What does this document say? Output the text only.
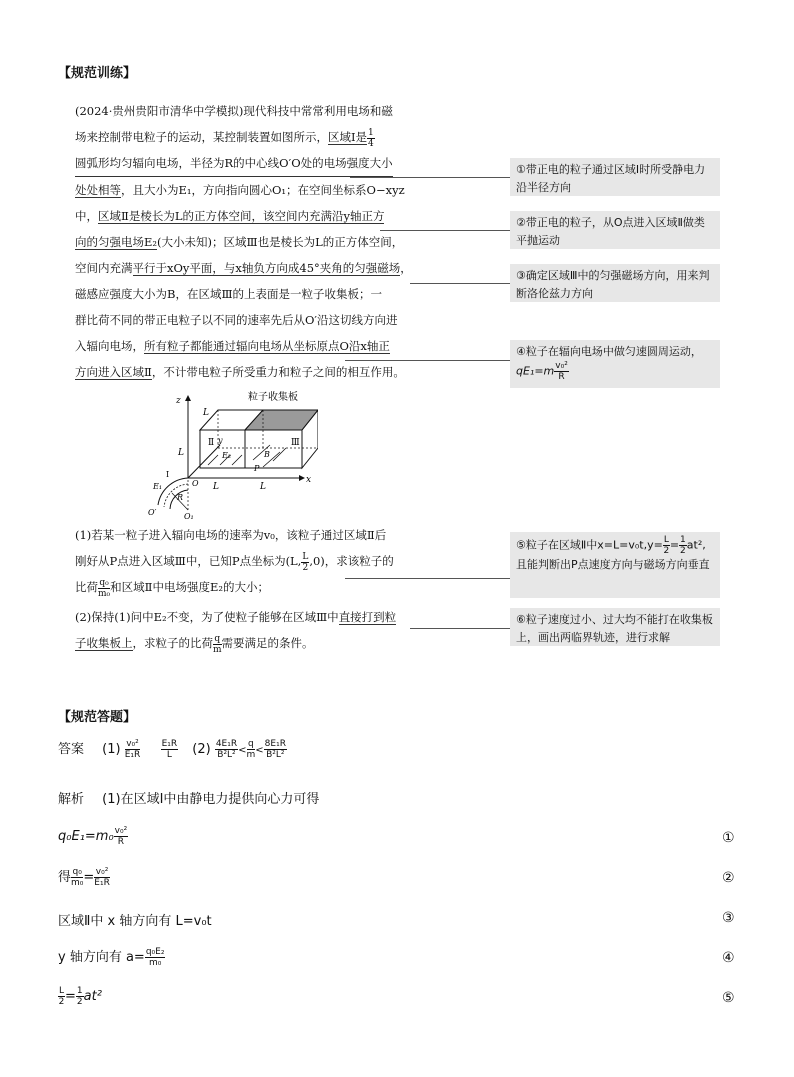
【规范训练】
(2024·贵州贵阳市清华中学模拟)现代科技中常常利用电场和磁
场来控制带电粒子的运动，某控制装置如图所示，区域Ⅰ是 $\frac{1}{4}$
圆弧形均匀辐向电场，半径为R的中心线O′O处的电场强度大小
处处相等，且大小为E₁，方向指向圆心O₁；在空间坐标系O−xyz
中，区域Ⅱ是棱长为L的正方体空间，该空间内充满沿y轴正方
向的匀强电场E₂(大小未知)；区域Ⅲ也是棱长为L的正方体空间，
空间内充满平行于xOy平面，与x轴负方向成45°夹角的匀强磁场，
磁感应强度大小为B，在区域Ⅲ的上表面是一粒子收集板；一
群比荷不同的带正电粒子以不同的速率先后从O′沿这切线方向进
入辐向电场，所有粒子都能通过辐向电场从坐标原点O沿x轴正
方向进入区域Ⅱ，不计带电粒子所受重力和粒子之间的相互作用。
①带正电的粒子通过区域Ⅰ时所受静电力沿半径方向
②带正电的粒子，从O点进入区域Ⅱ做类平抛运动
③确定区域Ⅲ中的匀强磁场方向，用来判断洛伦兹力方向
④粒子在辐向电场中做匀速圆周运动，
$qE_1=m \frac{\text{v₀²}}{R}$
⑤粒子在区域Ⅱ中$x=L=v_0t,y= \frac{L}{2} = \frac{1}{2} at^2$,
且能判断出P点速度方向与磁场方向垂直
⑥粒子速度过小、过大均不能打在收集板上，画出两临界轨迹，进行求解
粒子收集板
z
x
y
L
L
L	L
Ⅱ	Ⅲ
Ⅰ
E₂	B
P
E₁
R
O
O′	O₁
(1)若某一粒子进入辐向电场的速率为v₀，该粒子通过区域Ⅱ后
刚好从P点进入区域Ⅲ中，已知P点坐标为(L, $\frac{L}{2} ,0$)，求该粒子的
比荷 $\frac{\text{q₀}}{\text{m₀}}$ 和区域Ⅱ中电场强度E₂的大小；
(2)保持(1)问中E₂不变，为了使粒子能够在区域Ⅲ中直接打到粒
子收集板上，求粒子的比荷 $\frac{q}{m}$ 需要满足的条件。
【规范答题】
答案 $(1) \frac{\text{v₀²}}{\text{E₁R}}$
$\frac{\text{E₁R}}{L} (2) \frac{\text{4E₁R}}{\text{B²L²}} < \frac{q}{m} < \frac{\text{8E₁R}}{\text{B²L²}}$
解析 (1)在区域Ⅰ中由静电力提供向心力可得
$q_0E_1=m_0 \frac{\text{v₀²}}{R}$	①
得 $\frac{\text{q₀}}{\text{m₀}} = \frac{\text{v₀²}}{\text{E₁R}}$	②
区域Ⅱ中 x 轴方向有 L=v₀t	③
y 轴方向有 $a= \frac{\text{q₀E₂}}{\text{m₀}}$	④
$\frac{L}{2} = \frac{1}{2} at^2$	⑤
